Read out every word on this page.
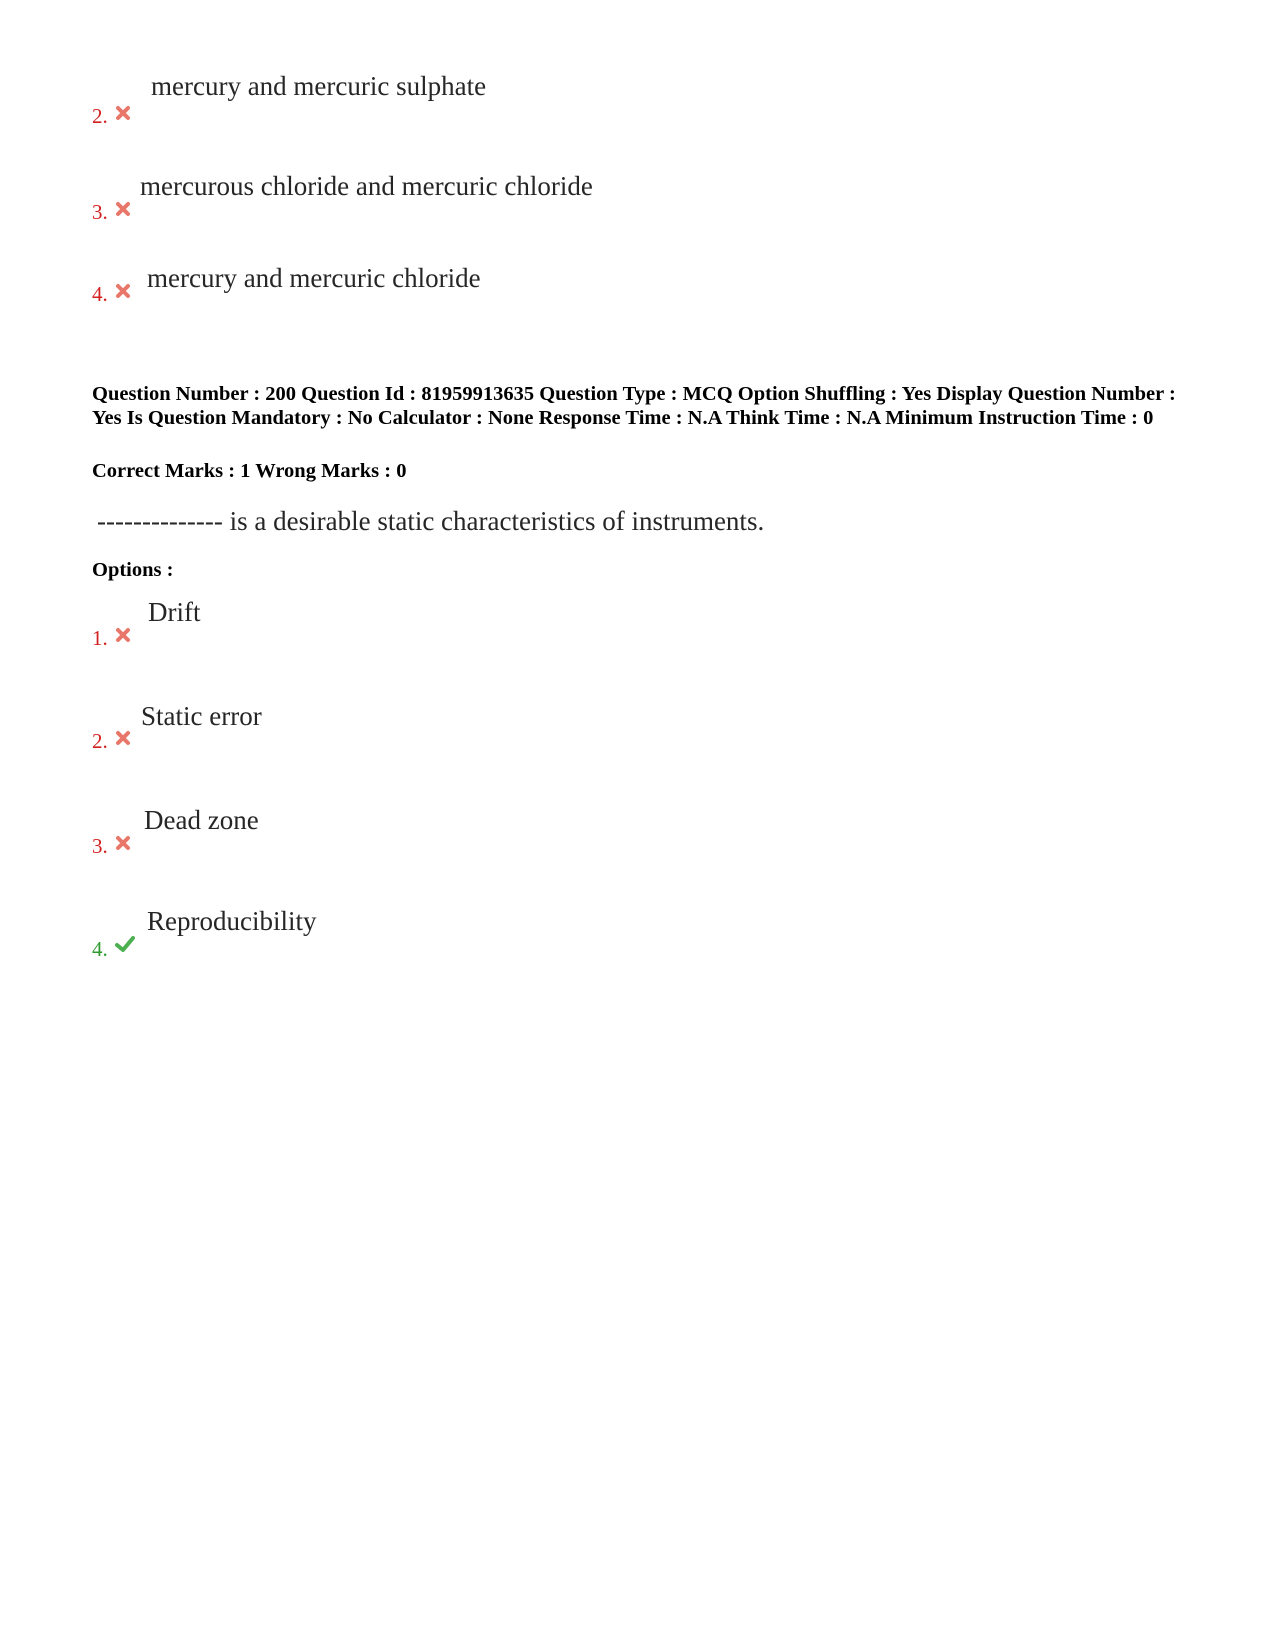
mercury and mercuric sulphate
2.
mercurous chloride and mercuric chloride
3.
mercury and mercuric chloride
4.
Question Number : 200 Question Id : 81959913635 Question Type : MCQ Option Shuffling : Yes Display Question Number : Yes Is Question Mandatory : No Calculator : None Response Time : N.A Think Time : N.A Minimum Instruction Time : 0
Correct Marks : 1 Wrong Marks : 0
-------------- is a desirable static characteristics of instruments.
Options :
Drift
1.
Static error
2.
Dead zone
3.
Reproducibility
4.
